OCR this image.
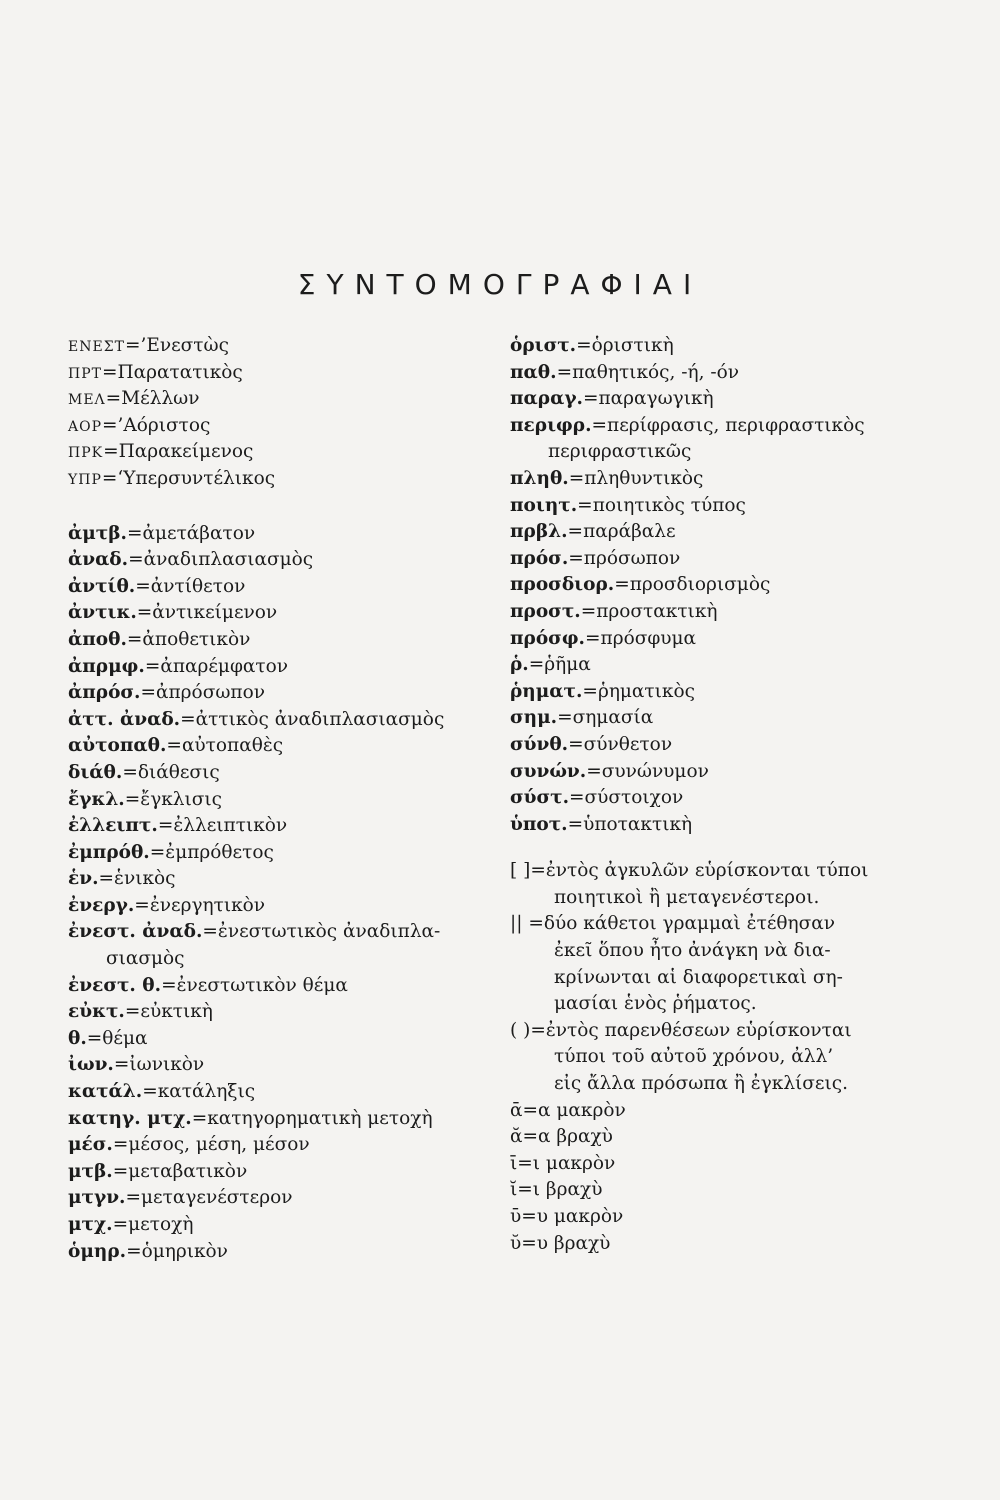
ΣΥΝΤΟΜΟΓΡΑΦΙΑΙ
ΕΝΕΣΤ=’Ενεστὼς
ΠΡΤ=Παρατατικὸς
ΜΕΛ=Μέλλων
ΑΟΡ=’Αόριστος
ΠΡΚ=Παρακείμενος
ΥΠΡ=‘Υπερσυντέλικος
ἀμτβ.=ἀμετάβατον
ἀναδ.=ἀναδιπλασιασμὸς
ἀντίθ.=ἀντίθετον
ἀντικ.=ἀντικείμενον
ἀποθ.=ἀποθετικὸν
ἀπρμφ.=ἀπαρέμφατον
ἀπρόσ.=ἀπρόσωπον
ἀττ. ἀναδ.=ἀττικὸς ἀναδιπλασιασμὸς
αὐτοπαθ.=αὐτοπαθὲς
διάθ.=διάθεσις
ἔγκλ.=ἔγκλισις
ἐλλειπτ.=ἐλλειπτικὸν
ἐμπρόθ.=ἐμπρόθετος
ἑν.=ἑνικὸς
ἐνεργ.=ἐνεργητικὸν
ἐνεστ. ἀναδ.=ἐνεστωτικὸς ἀναδιπλα-
σιασμὸς
ἐνεστ. θ.=ἐνεστωτικὸν θέμα
εὐκτ.=εὐκτικὴ
θ.=θέμα
ἰων.=ἰωνικὸν
κατάλ.=κατάληξις
κατηγ. μτχ.=κατηγορηματικὴ μετοχὴ
μέσ.=μέσος, μέση, μέσον
μτβ.=μεταβατικὸν
μτγν.=μεταγενέστερον
μτχ.=μετοχὴ
ὁμηρ.=ὁμηρικὸν
ὁριστ.=ὁριστικὴ
παθ.=παθητικός, -ή, -όν
παραγ.=παραγωγικὴ
περιφρ.=περίφρασις, περιφραστικὸς
περιφραστικῶς
πληθ.=πληθυντικὸς
ποιητ.=ποιητικὸς τύπος
πρβλ.=παράβαλε
πρόσ.=πρόσωπον
προσδιορ.=προσδιορισμὸς
προστ.=προστακτικὴ
πρόσφ.=πρόσφυμα
ῥ.=ῥῆμα
ῥηματ.=ῥηματικὸς
σημ.=σημασία
σύνθ.=σύνθετον
συνών.=συνώνυμον
σύστ.=σύστοιχον
ὑποτ.=ὑποτακτικὴ
[ ]=ἐντὸς ἀγκυλῶν εὑρίσκονται τύποι
ποιητικοὶ ἢ μεταγενέστεροι.
|| =δύο κάθετοι γραμμαὶ ἐτέθησαν
ἐκεῖ ὅπου ἦτο ἀνάγκη νὰ δια-
κρίνωνται αἱ διαφορετικαὶ ση-
μασίαι ἑνὸς ῥήματος.
( )=ἐντὸς παρενθέσεων εὑρίσκονται
τύποι τοῦ αὐτοῦ χρόνου, ἀλλ’
εἰς ἄλλα πρόσωπα ἢ ἐγκλίσεις.
ᾱ=α μακρὸν
ᾰ=α βραχὺ
ῑ=ι μακρὸν
ῐ=ι βραχὺ
ῡ=υ μακρὸν
ῠ=υ βραχὺ
